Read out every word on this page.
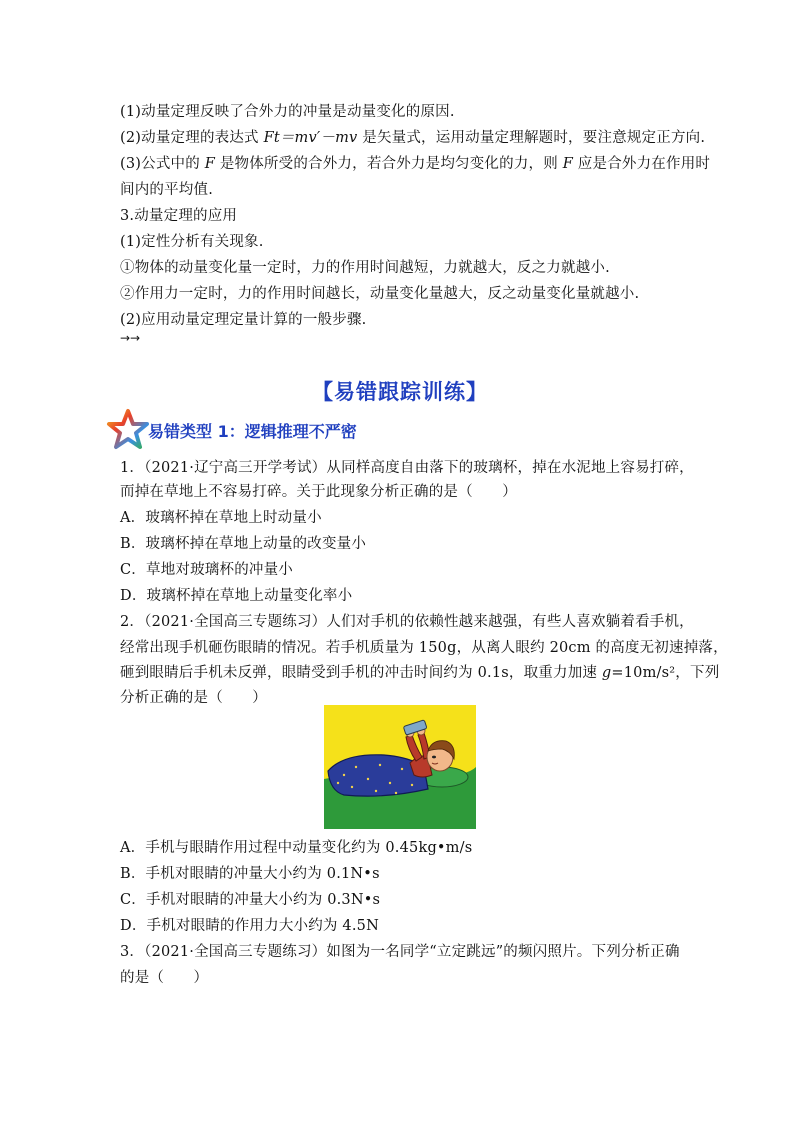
(1)动量定理反映了合外力的冲量是动量变化的原因.
(2)动量定理的表达式 Ft＝mv′－mv 是矢量式，运用动量定理解题时，要注意规定正方向.
(3)公式中的 F 是物体所受的合外力，若合外力是均匀变化的力，则 F 应是合外力在作用时
间内的平均值.
3.动量定理的应用
(1)定性分析有关现象.
①物体的动量变化量一定时，力的作用时间越短，力就越大，反之力就越小.
②作用力一定时，力的作用时间越长，动量变化量越大，反之动量变化量就越小.
(2)应用动量定理定量计算的一般步骤.
→→
【易错跟踪训练】
易错类型 1：逻辑推理不严密
1．（2021·辽宁高三开学考试）从同样高度自由落下的玻璃杯，掉在水泥地上容易打碎，
而掉在草地上不容易打碎。关于此现象分析正确的是（　　）
A．玻璃杯掉在草地上时动量小
B．玻璃杯掉在草地上动量的改变量小
C．草地对玻璃杯的冲量小
D．玻璃杯掉在草地上动量变化率小
2．（2021·全国高三专题练习）人们对手机的依赖性越来越强，有些人喜欢躺着看手机，
经常出现手机砸伤眼睛的情况。若手机质量为 150g，从离人眼约 20cm 的高度无初速掉落，
砸到眼睛后手机未反弹，眼睛受到手机的冲击时间约为 0.1s，取重力加速 g=10m/s²，下列
分析正确的是（　　）
A．手机与眼睛作用过程中动量变化约为 0.45kg•m/s
B．手机对眼睛的冲量大小约为 0.1N•s
C．手机对眼睛的冲量大小约为 0.3N•s
D．手机对眼睛的作用力大小约为 4.5N
3．（2021·全国高三专题练习）如图为一名同学“立定跳远”的频闪照片。下列分析正确
的是（　　）
